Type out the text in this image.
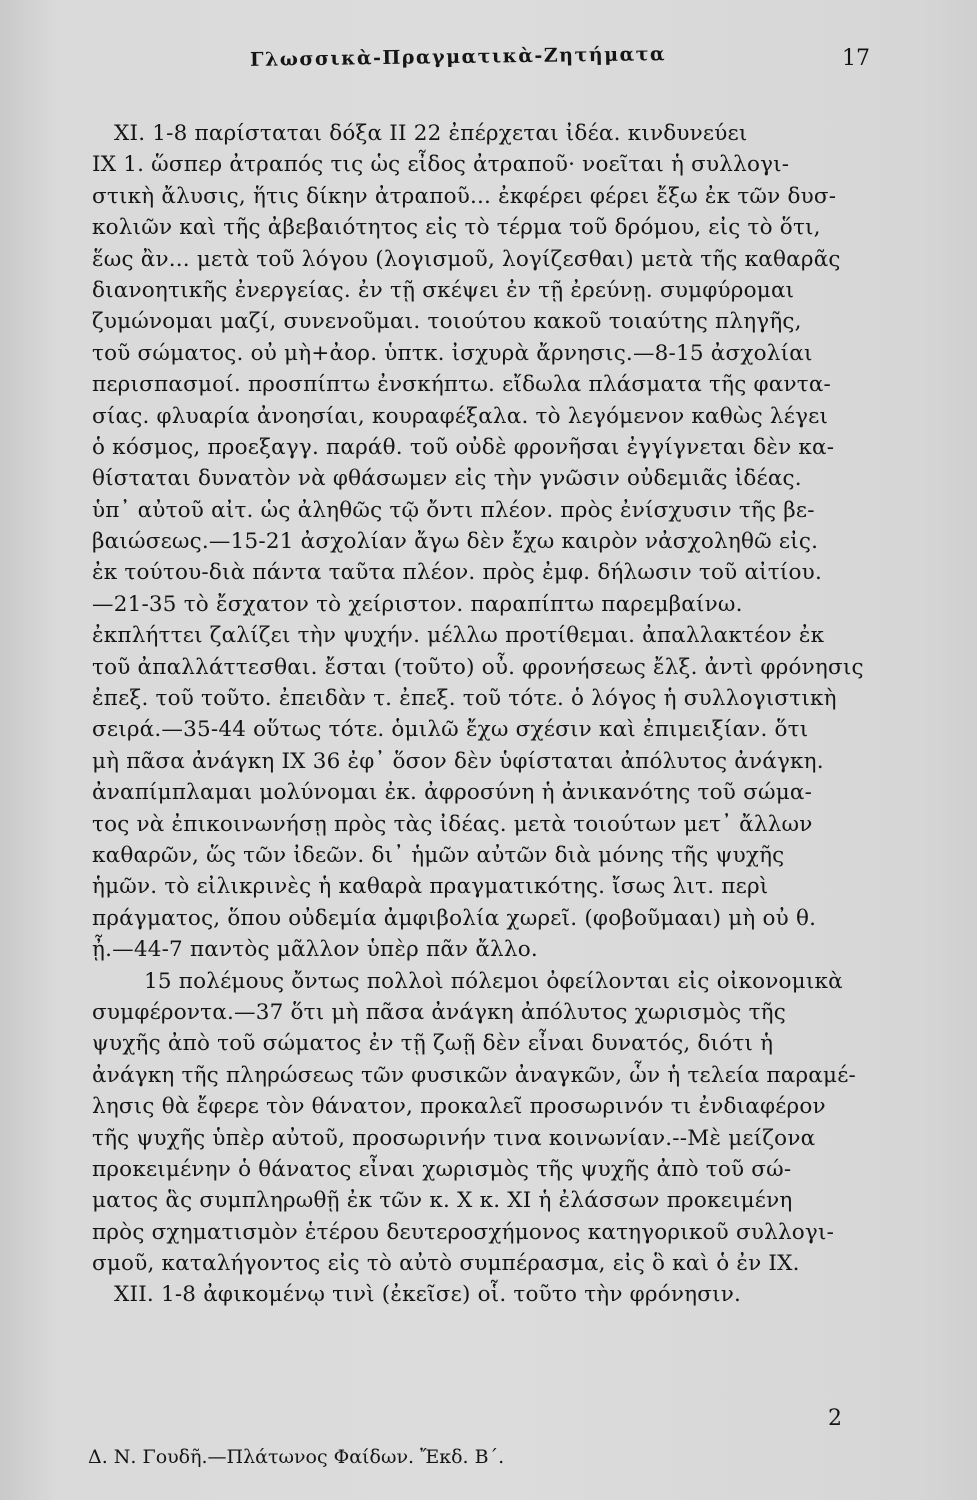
Γλωσσικὰ-Πραγματικὰ-Ζητήματα	17
XI. 1-8 παρίσταται δόξα II 22 ἐπέρχεται ἰδέα. κινδυνεύει
IX 1. ὥσπερ ἀτραπός τις ὡς εἶδος ἀτραποῦ· νοεῖται ἡ συλλογι-
στικὴ ἄλυσις, ἥτις δίκην ἀτραποῦ... ἐκφέρει φέρει ἔξω ἐκ τῶν δυσ-
κολιῶν καὶ τῆς ἀβεβαιότητος εἰς τὸ τέρμα τοῦ δρόμου, εἰς τὸ ὅτι,
ἕως ἂν... μετὰ τοῦ λόγου (λογισμοῦ, λογίζεσθαι) μετὰ τῆς καθαρᾶς
διανοητικῆς ἐνεργείας. ἐν τῇ σκέψει ἐν τῇ ἐρεύνῃ. συμφύρομαι
ζυμώνομαι μαζί, συνενοῦμαι. τοιούτου κακοῦ τοιαύτης πληγῆς,
τοῦ σώματος. οὐ μὴ+ἀορ. ὑπτκ. ἰσχυρὰ ἄρνησις.—8-15 ἀσχολίαι
περισπασμοί. προσπίπτω ἐνσκήπτω. εἴδωλα πλάσματα τῆς φαντα-
σίας. φλυαρία ἀνοησίαι, κουραφέξαλα. τὸ λεγόμενον καθὼς λέγει
ὁ κόσμος, προεξαγγ. παράθ. τοῦ οὐδὲ φρονῆσαι ἐγγίγνεται δὲν κα-
θίσταται δυνατὸν νὰ φθάσωμεν εἰς τὴν γνῶσιν οὐδεμιᾶς ἰδέας.
ὑπ᾽ αὐτοῦ αἰτ. ὡς ἀληθῶς τῷ ὄντι πλέον. πρὸς ἐνίσχυσιν τῆς βε-
βαιώσεως.—15-21 ἀσχολίαν ἄγω δὲν ἔχω καιρὸν νἀσχοληθῶ εἰς.
ἐκ τούτου-διὰ πάντα ταῦτα πλέον. πρὸς ἐμφ. δήλωσιν τοῦ αἰτίου.
—21-35 τὸ ἔσχατον τὸ χείριστον. παραπίπτω παρεμβαίνω.
ἐκπλήττει ζαλίζει τὴν ψυχήν. μέλλω προτίθεμαι. ἀπαλλακτέον ἐκ
τοῦ ἀπαλλάττεσθαι. ἔσται (τοῦτο) οὖ. φρονήσεως ἔλξ. ἀντὶ φρόνησις
ἐπεξ. τοῦ τοῦτο. ἐπειδὰν τ. ἐπεξ. τοῦ τότε. ὁ λόγος ἡ συλλογιστικὴ
σειρά.—35-44 οὕτως τότε. ὁμιλῶ ἔχω σχέσιν καὶ ἐπιμειξίαν. ὅτι
μὴ πᾶσα ἀνάγκη IX 36 ἐφ᾽ ὅσον δὲν ὑφίσταται ἀπόλυτος ἀνάγκη.
ἀναπίμπλαμαι μολύνομαι ἐκ. ἀφροσύνη ἡ ἀνικανότης τοῦ σώμα-
τος νὰ ἐπικοινωνήσῃ πρὸς τὰς ἰδέας. μετὰ τοιούτων μετ᾽ ἄλλων
καθαρῶν, ὥς τῶν ἰδεῶν. δι᾽ ἡμῶν αὐτῶν διὰ μόνης τῆς ψυχῆς
ἡμῶν. τὸ εἰλικρινὲς ἡ καθαρὰ πραγματικότης. ἴσως λιτ. περὶ
πράγματος, ὅπου οὐδεμία ἀμφιβολία χωρεῖ. (φοβοῦμααι) μὴ οὐ θ.
ᾖ.—44-7 παντὸς μᾶλλον ὑπὲρ πᾶν ἄλλο.
15 πολέμους ὄντως πολλοὶ πόλεμοι ὀφείλονται εἰς οἰκονομικὰ
συμφέροντα.—37 ὅτι μὴ πᾶσα ἀνάγκη ἀπόλυτος χωρισμὸς τῆς
ψυχῆς ἀπὸ τοῦ σώματος ἐν τῇ ζωῇ δὲν εἶναι δυνατός, διότι ἡ
ἀνάγκη τῆς πληρώσεως τῶν φυσικῶν ἀναγκῶν, ὧν ἡ τελεία παραμέ-
λησις θὰ ἔφερε τὸν θάνατον, προκαλεῖ προσωρινόν τι ἐνδιαφέρον
τῆς ψυχῆς ὑπὲρ αὐτοῦ, προσωρινήν τινα κοινωνίαν.--Μὲ μείζονα
προκειμένην ὁ θάνατος εἶναι χωρισμὸς τῆς ψυχῆς ἀπὸ τοῦ σώ-
ματος ἃς συμπληρωθῇ ἐκ τῶν κ. X κ. XI ἡ ἐλάσσων προκειμένη
πρὸς σχηματισμὸν ἑτέρου δευτεροσχήμονος κατηγορικοῦ συλλογι-
σμοῦ, καταλήγοντος εἰς τὸ αὐτὸ συμπέρασμα, εἰς ὃ καὶ ὁ ἐν IX.
XII. 1-8 ἀφικομένῳ τινὶ (ἐκεῖσε) οἷ. τοῦτο τὴν φρόνησιν.
2
Δ. Ν. Γουδῆ.—Πλάτωνος Φαίδων. Ἔκδ. Β΄.
